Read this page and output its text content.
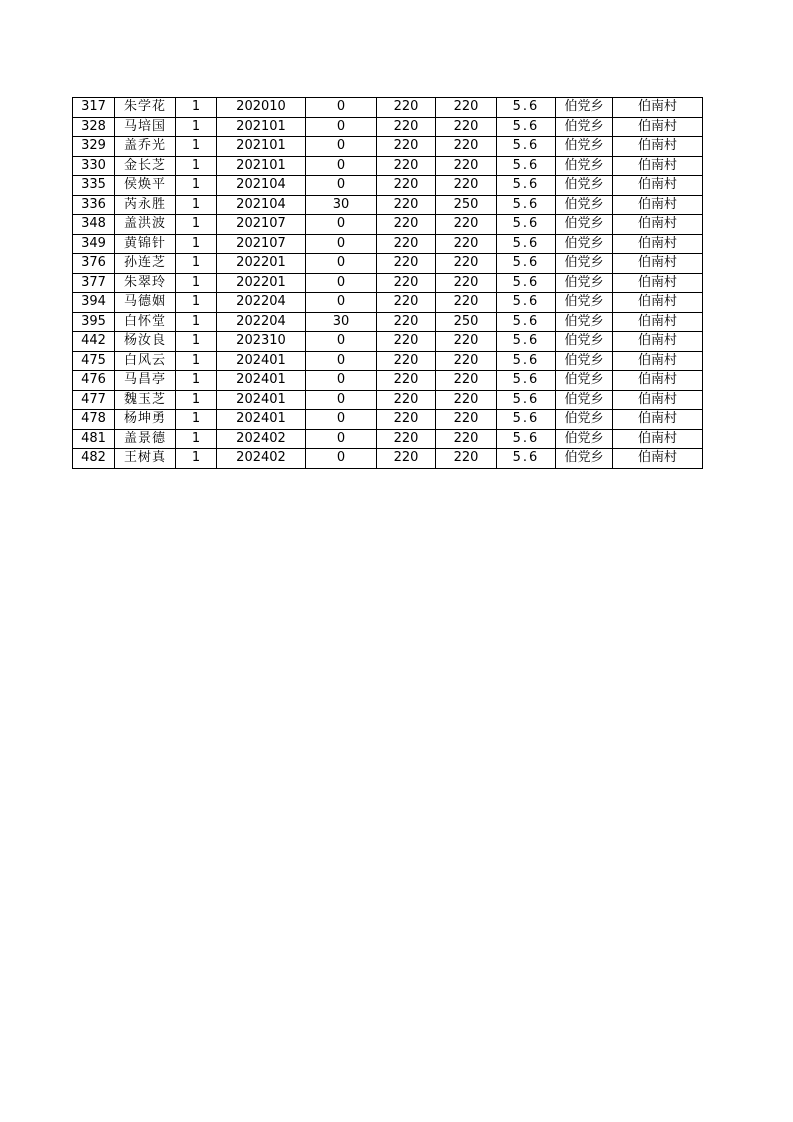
317	朱学花	1	202010	0	220	220	5.6	伯党乡	伯南村
328	马培国	1	202101	0	220	220	5.6	伯党乡	伯南村
329	盖乔光	1	202101	0	220	220	5.6	伯党乡	伯南村
330	金长芝	1	202101	0	220	220	5.6	伯党乡	伯南村
335	侯焕平	1	202104	0	220	220	5.6	伯党乡	伯南村
336	芮永胜	1	202104	30	220	250	5.6	伯党乡	伯南村
348	盖洪波	1	202107	0	220	220	5.6	伯党乡	伯南村
349	黄锦针	1	202107	0	220	220	5.6	伯党乡	伯南村
376	孙连芝	1	202201	0	220	220	5.6	伯党乡	伯南村
377	朱翠玲	1	202201	0	220	220	5.6	伯党乡	伯南村
394	马德姻	1	202204	0	220	220	5.6	伯党乡	伯南村
395	白怀堂	1	202204	30	220	250	5.6	伯党乡	伯南村
442	杨汝良	1	202310	0	220	220	5.6	伯党乡	伯南村
475	白风云	1	202401	0	220	220	5.6	伯党乡	伯南村
476	马昌亭	1	202401	0	220	220	5.6	伯党乡	伯南村
477	魏玉芝	1	202401	0	220	220	5.6	伯党乡	伯南村
478	杨坤勇	1	202401	0	220	220	5.6	伯党乡	伯南村
481	盖景德	1	202402	0	220	220	5.6	伯党乡	伯南村
482	王树真	1	202402	0	220	220	5.6	伯党乡	伯南村
